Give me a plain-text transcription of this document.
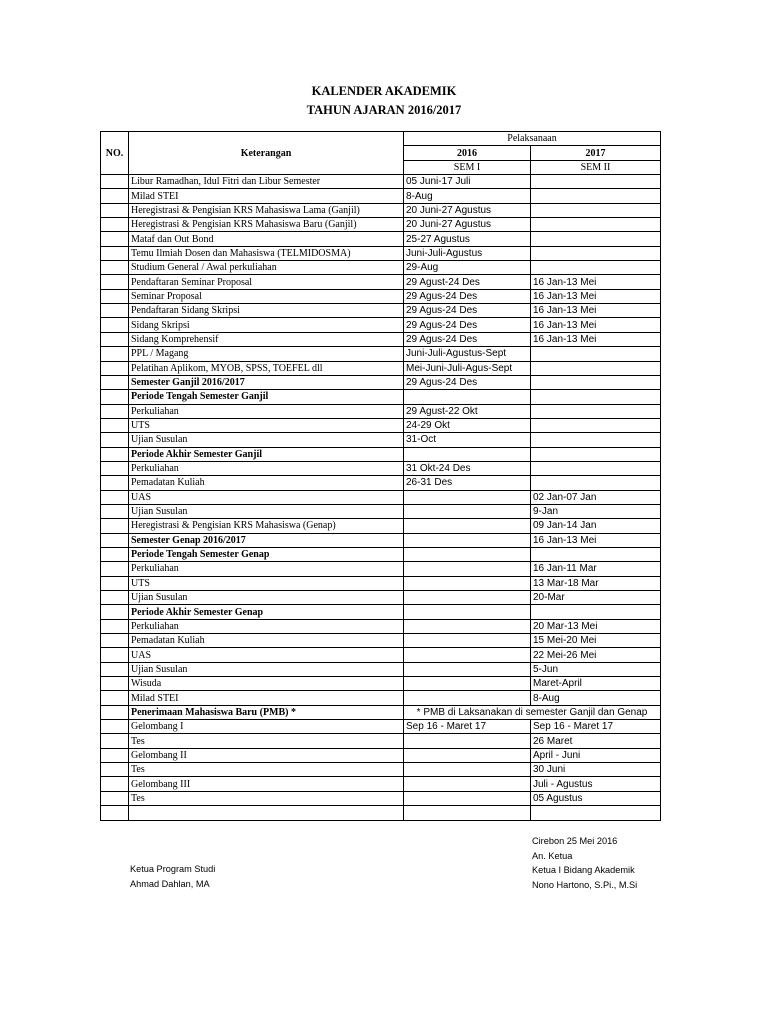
KALENDER AKADEMIK
TAHUN AJARAN 2016/2017
NO.	Keterangan	Pelaksanaan	
		2016	2017
		SEM I	SEM II
	Libur Ramadhan, Idul Fitri dan Libur Semester	05 Juni-17 Juli	
	Milad STEI	8-Aug	
	Heregistrasi & Pengisian KRS Mahasiswa Lama (Ganjil)	20 Juni-27 Agustus	
	Heregistrasi & Pengisian KRS Mahasiswa Baru (Ganjil)	20 Juni-27 Agustus	
	Mataf dan Out Bond	25-27 Agustus	
	Temu Ilmiah Dosen dan Mahasiswa (TELMIDOSMA)	Juni-Juli-Agustus	
	Studium General / Awal perkuliahan	29-Aug	
	Pendaftaran Seminar Proposal	29 Agust-24 Des	16 Jan-13 Mei
	Seminar Proposal	29 Agus-24 Des	16 Jan-13 Mei
	Pendaftaran Sidang Skripsi	29 Agus-24 Des	16 Jan-13 Mei
	Sidang Skripsi	29 Agus-24 Des	16 Jan-13 Mei
	Sidang Komprehensif	29 Agus-24 Des	16 Jan-13 Mei
	PPL / Magang	Juni-Juli-Agustus-Sept	
	Pelatihan Aplikom, MYOB, SPSS, TOEFEL dll	Mei-Juni-Juli-Agus-Sept	
	Semester Ganjil 2016/2017	29 Agus-24 Des	
	Periode Tengah Semester Ganjil		
	Perkuliahan	29 Agust-22 Okt	
	UTS	24-29 Okt	
	Ujian Susulan	31-Oct	
	Periode Akhir Semester Ganjil		
	Perkuliahan	31 Okt-24 Des	
	Pemadatan Kuliah	26-31 Des	
	UAS		02 Jan-07 Jan
	Ujian Susulan		9-Jan
	Heregistrasi & Pengisian KRS Mahasiswa (Genap)		09 Jan-14 Jan
	Semester Genap 2016/2017		16 Jan-13 Mei
	Periode Tengah Semester Genap		
	Perkuliahan		16 Jan-11 Mar
	UTS		13 Mar-18 Mar
	Ujian Susulan		20-Mar
	Periode Akhir Semester Genap		
	Perkuliahan		20 Mar-13 Mei
	Pemadatan Kuliah		15 Mei-20 Mei
	UAS		22 Mei-26 Mei
	Ujian Susulan		5-Jun
	Wisuda		Maret-April
	Milad STEI		8-Aug
	Penerimaan Mahasiswa Baru (PMB) *	* PMB di Laksanakan di semester Ganjil dan Genap	
	Gelombang I	Sep 16 - Maret 17	Sep 16 - Maret 17
	Tes		26 Maret
	Gelombang II		April - Juni
	Tes		30 Juni
	Gelombang III		Juli - Agustus
	Tes		05 Agustus

Ketua Program Studi
Ahmad Dahlan, MA
Cirebon 25 Mei 2016
An. Ketua
Ketua I Bidang Akademik
Nono Hartono, S.Pi., M.Si
